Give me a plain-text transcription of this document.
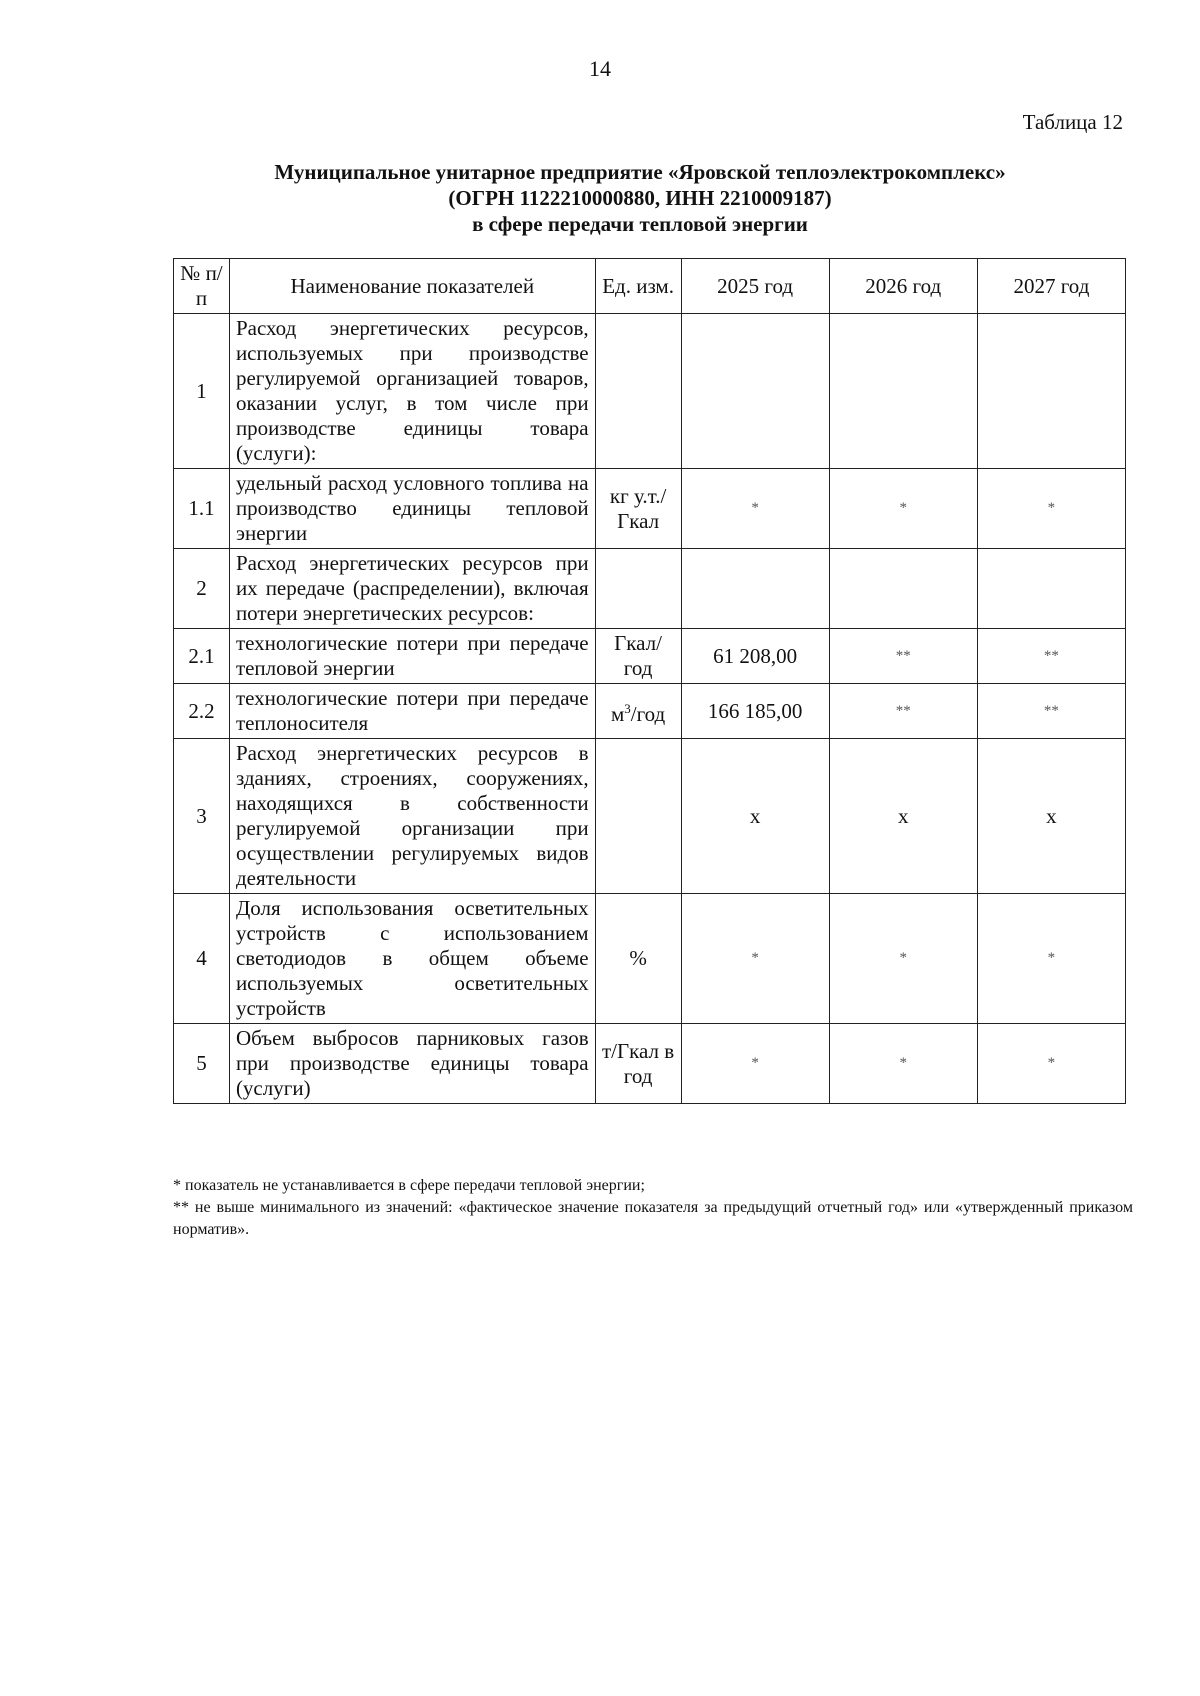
14
Таблица 12
Муниципальное унитарное предприятие «Яровской теплоэлектрокомплекс»
(ОГРН 1122210000880, ИНН 2210009187)
в сфере передачи тепловой энергии
№ п/п	Наименование показателей	Ед. изм.	2025 год	2026 год	2027 год
1	Расход энергетических ресурсов, используемых при производстве регулируемой организацией товаров, оказании услуг, в том числе при производстве единицы товара (услуги):				
1.1	удельный расход условного топлива на производство единицы тепловой энергии	кг у.т./ Гкал	*	*	*
2	Расход энергетических ресурсов при их передаче (распределении), включая потери энергетических ресурсов:				
2.1	технологические потери при передаче тепловой энергии	Гкал/ год	61 208,00	**	**
2.2	технологические потери при передаче теплоносителя	$м^3$/год	166 185,00	**	**
3	Расход энергетических ресурсов в зданиях, строениях, сооружениях, находящихся в собственности регулируемой организации при осуществлении регулируемых видов деятельности		х	х	х
4	Доля использования осветительных устройств с использованием светодиодов в общем объеме используемых осветительных устройств	%	*	*	*
5	Объем выбросов парниковых газов при производстве единицы товара (услуги)	т/Гкал в год	*	*	*

* показатель не устанавливается в сфере передачи тепловой энергии;

** не выше минимального из значений: «фактическое значение показателя за предыдущий отчетный год» или «утвержденный приказом норматив».
